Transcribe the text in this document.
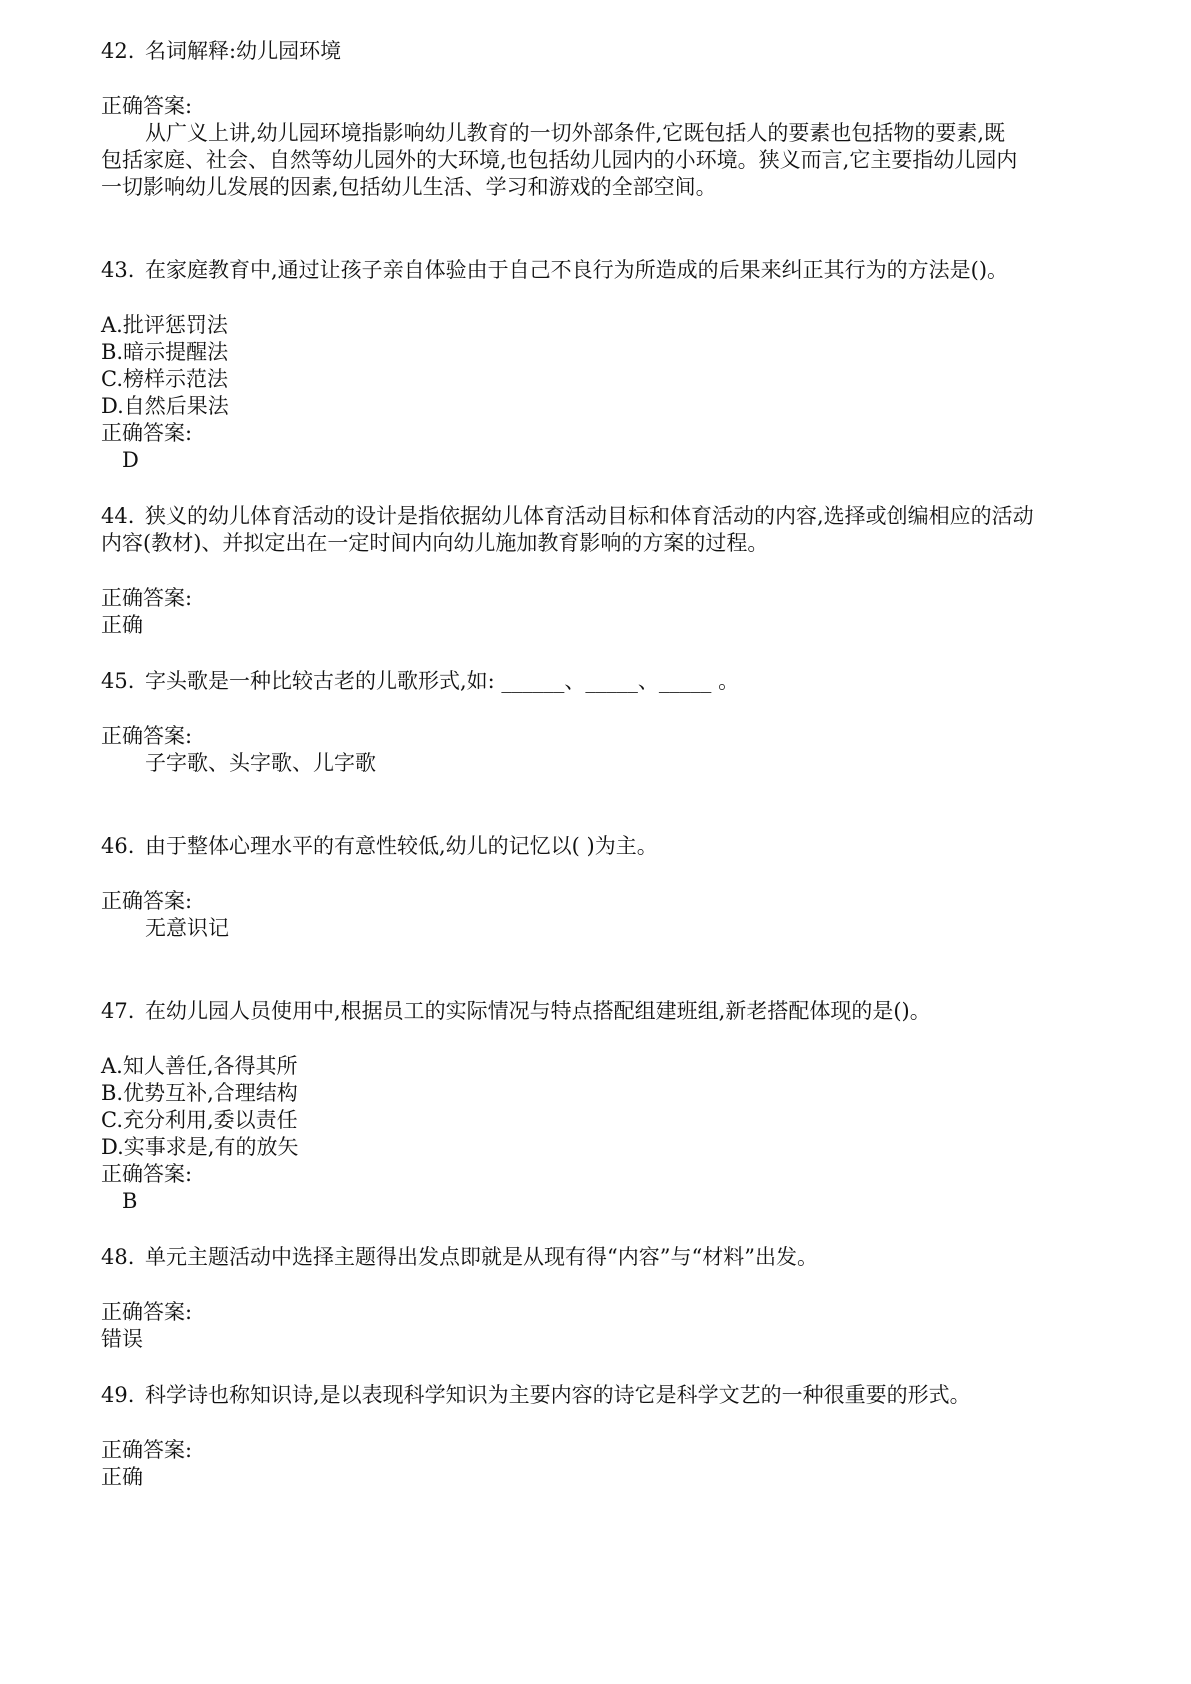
42. 名词解释:幼儿园环境
正确答案:
从广义上讲,幼儿园环境指影响幼儿教育的一切外部条件,它既包括人的要素也包括物的要素,既
包括家庭、社会、自然等幼儿园外的大环境,也包括幼儿园内的小环境。狭义而言,它主要指幼儿园内
一切影响幼儿发展的因素,包括幼儿生活、学习和游戏的全部空间。
43. 在家庭教育中,通过让孩子亲自体验由于自己不良行为所造成的后果来纠正其行为的方法是()。
A.批评惩罚法
B.暗示提醒法
C.榜样示范法
D.自然后果法
正确答案:
D
44. 狭义的幼儿体育活动的设计是指依据幼儿体育活动目标和体育活动的内容,选择或创编相应的活动
内容(教材)、并拟定出在一定时间内向幼儿施加教育影响的方案的过程。
正确答案:
正确
45. 字头歌是一种比较古老的儿歌形式,如: ______、_____、_____ 。
正确答案:
子字歌、头字歌、儿字歌
46. 由于整体心理水平的有意性较低,幼儿的记忆以( )为主。
正确答案:
无意识记
47. 在幼儿园人员使用中,根据员工的实际情况与特点搭配组建班组,新老搭配体现的是()。
A.知人善任,各得其所
B.优势互补,合理结构
C.充分利用,委以责任
D.实事求是,有的放矢
正确答案:
B
48. 单元主题活动中选择主题得出发点即就是从现有得“内容”与“材料”出发。
正确答案:
错误
49. 科学诗也称知识诗,是以表现科学知识为主要内容的诗它是科学文艺的一种很重要的形式。
正确答案:
正确
